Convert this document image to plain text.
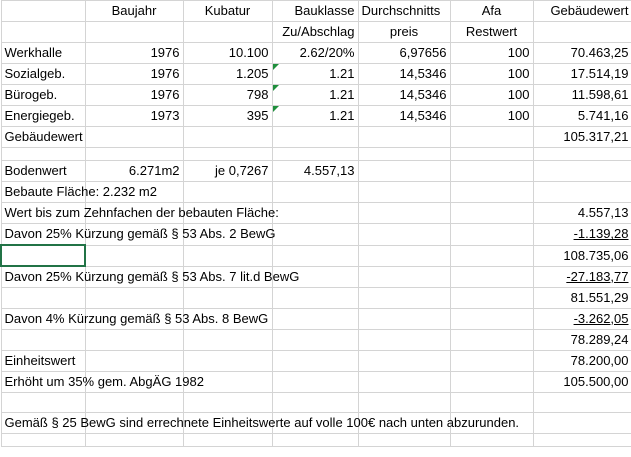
	Baujahr	Kubatur	Bauklasse	Durchschnitts	Afa	Gebäudewert
			Zu/Abschlag	preis	Restwert	
Werkhalle	1976	10.100	2.62/20%	6,97656	100	70.463,25
Sozialgeb.	1976	1.205	1.21	14,5346	100	17.514,19
Bürogeb.	1976	798	1.21	14,5346	100	11.598,61
Energiegeb.	1973	395	1.21	14,5346	100	5.741,16
Gebäudewert						105.317,21

Bodenwert	6.271m2	je 0,7267	4.557,13			
Bebaute Fläche: 2.232 m2						
Wert bis zum Zehnfachen der bebauten Fläche:						4.557,13
Davon 25% Kürzung gemäß § 53 Abs. 2 BewG						-1.139,28
						108.735,06
Davon 25% Kürzung gemäß § 53 Abs. 7 lit.d BewG						-27.183,77
						81.551,29
Davon 4% Kürzung gemäß § 53 Abs. 8 BewG						-3.262,05
						78.289,24
Einheitswert						78.200,00
Erhöht um 35% gem. AbgÄG 1982						105.500,00

Gemäß § 25 BewG sind errechnete Einheitswerte auf volle 100€ nach unten abzurunden.						
